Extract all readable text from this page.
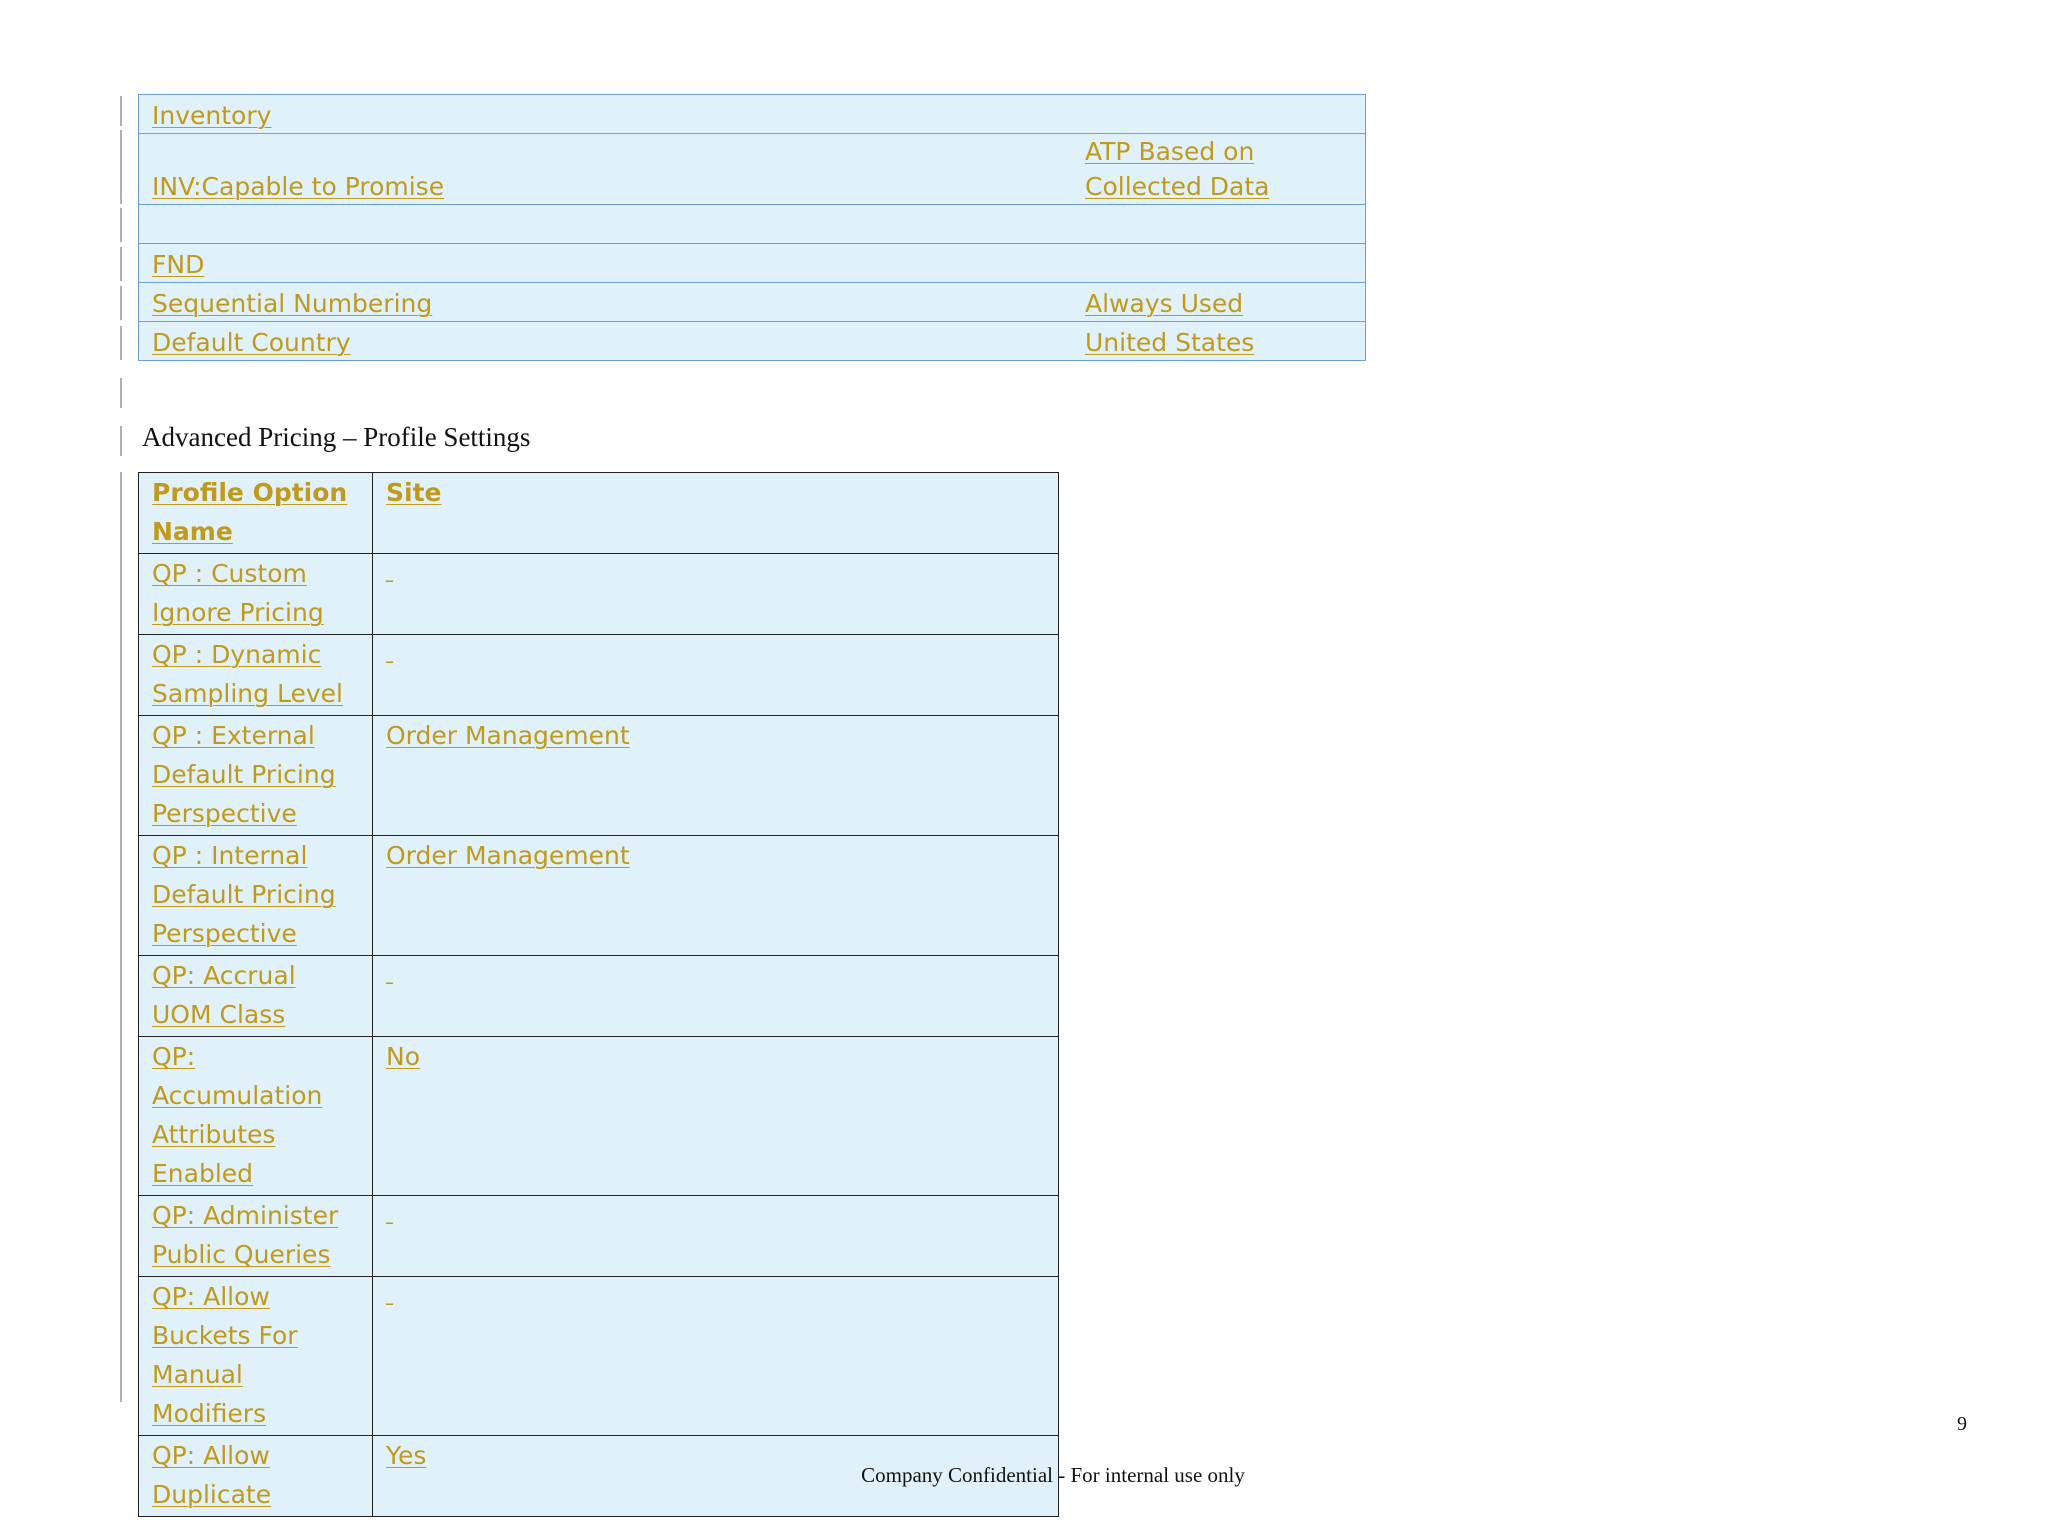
Inventory	
INV:Capable to Promise	ATP Based on Collected Data

FND	
Sequential Numbering	Always Used
Default Country	United States
Advanced Pricing – Profile Settings
Profile Option Name	Site
QP : Custom Ignore Pricing	_
QP : Dynamic Sampling Level	_
QP : External Default Pricing Perspective	Order Management
QP : Internal Default Pricing Perspective	Order Management
QP: Accrual UOM Class	_
QP: Accumulation Attributes Enabled	No
QP: Administer Public Queries	_
QP: Allow Buckets For Manual Modifiers	_
QP: Allow Duplicate	Yes
9
Company Confidential - For internal use only
